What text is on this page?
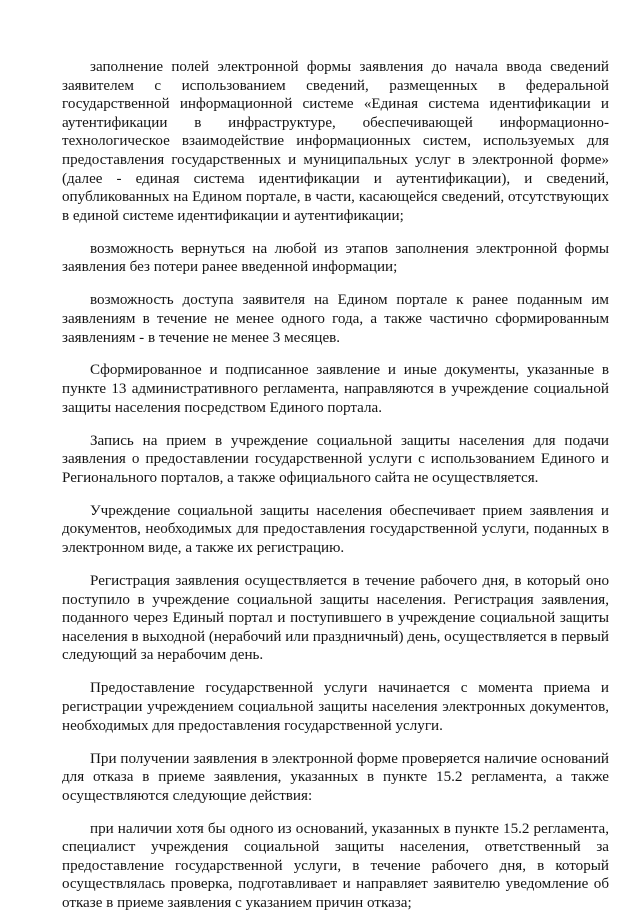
заполнение полей электронной формы заявления до начала ввода сведений заявителем с использованием сведений, размещенных в федеральной государственной информационной системе «Единая система идентификации и аутентификации в инфраструктуре, обеспечивающей информационно-технологическое взаимодействие информационных систем, используемых для предоставления государственных и муниципальных услуг в электронной форме» (далее - единая система идентификации и аутентификации), и сведений, опубликованных на Едином портале, в части, касающейся сведений, отсутствующих в единой системе идентификации и аутентификации;

возможность вернуться на любой из этапов заполнения электронной формы заявления без потери ранее введенной информации;

возможность доступа заявителя на Едином портале к ранее поданным им заявлениям в течение не менее одного года, а также частично сформированным заявлениям - в течение не менее 3 месяцев.

Сформированное и подписанное заявление и иные документы, указанные в пункте 13 административного регламента, направляются в учреждение социальной защиты населения посредством Единого портала.

Запись на прием в учреждение социальной защиты населения для подачи заявления о предоставлении государственной услуги с использованием Единого и Регионального порталов, а также официального сайта не осуществляется.

Учреждение социальной защиты населения обеспечивает прием заявления и документов, необходимых для предоставления государственной услуги, поданных в электронном виде, а также их регистрацию.

Регистрация заявления осуществляется в течение рабочего дня, в который оно поступило в учреждение социальной защиты населения. Регистрация заявления, поданного через Единый портал и поступившего в учреждение социальной защиты населения в выходной (нерабочий или праздничный) день, осуществляется в первый следующий за нерабочим день.

Предоставление государственной услуги начинается с момента приема и регистрации учреждением социальной защиты населения электронных документов, необходимых для предоставления государственной услуги.

При получении заявления в электронной форме проверяется наличие оснований для отказа в приеме заявления, указанных в пункте 15.2 регламента, а также осуществляются следующие действия:

при наличии хотя бы одного из оснований, указанных в пункте 15.2 регламента, специалист учреждения социальной защиты населения, ответственный за предоставление государственной услуги, в течение рабочего дня, в который осуществлялась проверка, подготавливает и направляет заявителю уведомление об отказе в приеме заявления с указанием причин отказа;
